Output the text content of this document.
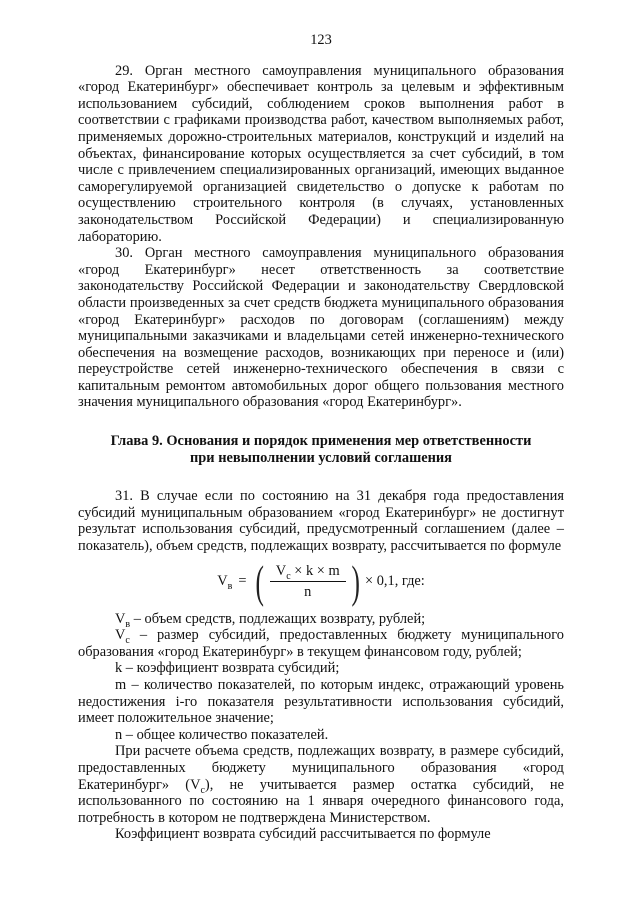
123

29. Орган местного самоуправления муниципального образования «город Екатеринбург» обеспечивает контроль за целевым и эффективным использованием субсидий, соблюдением сроков выполнения работ в соответствии с графиками производства работ, качеством выполняемых работ, применяемых дорожно-строительных материалов, конструкций и изделий на объектах, финансирование которых осуществляется за счет субсидий, в том числе с привлечением специализированных организаций, имеющих выданное саморегулируемой организацией свидетельство о допуске к работам по осуществлению строительного контроля (в случаях, установленных законодательством Российской Федерации) и специализированную лабораторию.

30. Орган местного самоуправления муниципального образования «город Екатеринбург» несет ответственность за соответствие законодательству Российской Федерации и законодательству Свердловской области произведенных за счет средств бюджета муниципального образования «город Екатеринбург» расходов по договорам (соглашениям) между муниципальными заказчиками и владельцами сетей инженерно-технического обеспечения на возмещение расходов, возникающих при переносе и (или) переустройстве сетей инженерно-технического обеспечения в связи с капитальным ремонтом автомобильных дорог общего пользования местного значения муниципального образования «город Екатеринбург».

Глава 9. Основания и порядок применения мер ответственности
при невыполнении условий соглашения

31. В случае если по состоянию на 31 декабря года предоставления субсидий муниципальным образованием «город Екатеринбург» не достигнут результат использования субсидий, предусмотренный соглашением (далее – показатель), объем средств, подлежащих возврату, рассчитывается по формуле

$V_в$ = ( $\frac{V_с \times k \times m}{n}$ ) × 0,1, где:

$V_в$ – объем средств, подлежащих возврату, рублей;

$V_с$ – размер субсидий, предоставленных бюджету муниципального образования «город Екатеринбург» в текущем финансовом году, рублей;

k – коэффициент возврата субсидий;

m – количество показателей, по которым индекс, отражающий уровень недостижения i-го показателя результативности использования субсидий, имеет положительное значение;

n – общее количество показателей.

При расчете объема средств, подлежащих возврату, в размере субсидий, предоставленных бюджету муниципального образования «город Екатеринбург» $(V_с)$, не учитывается размер остатка субсидий, не использованного по состоянию на 1 января очередного финансового года, потребность в котором не подтверждена Министерством.

Коэффициент возврата субсидий рассчитывается по формуле
